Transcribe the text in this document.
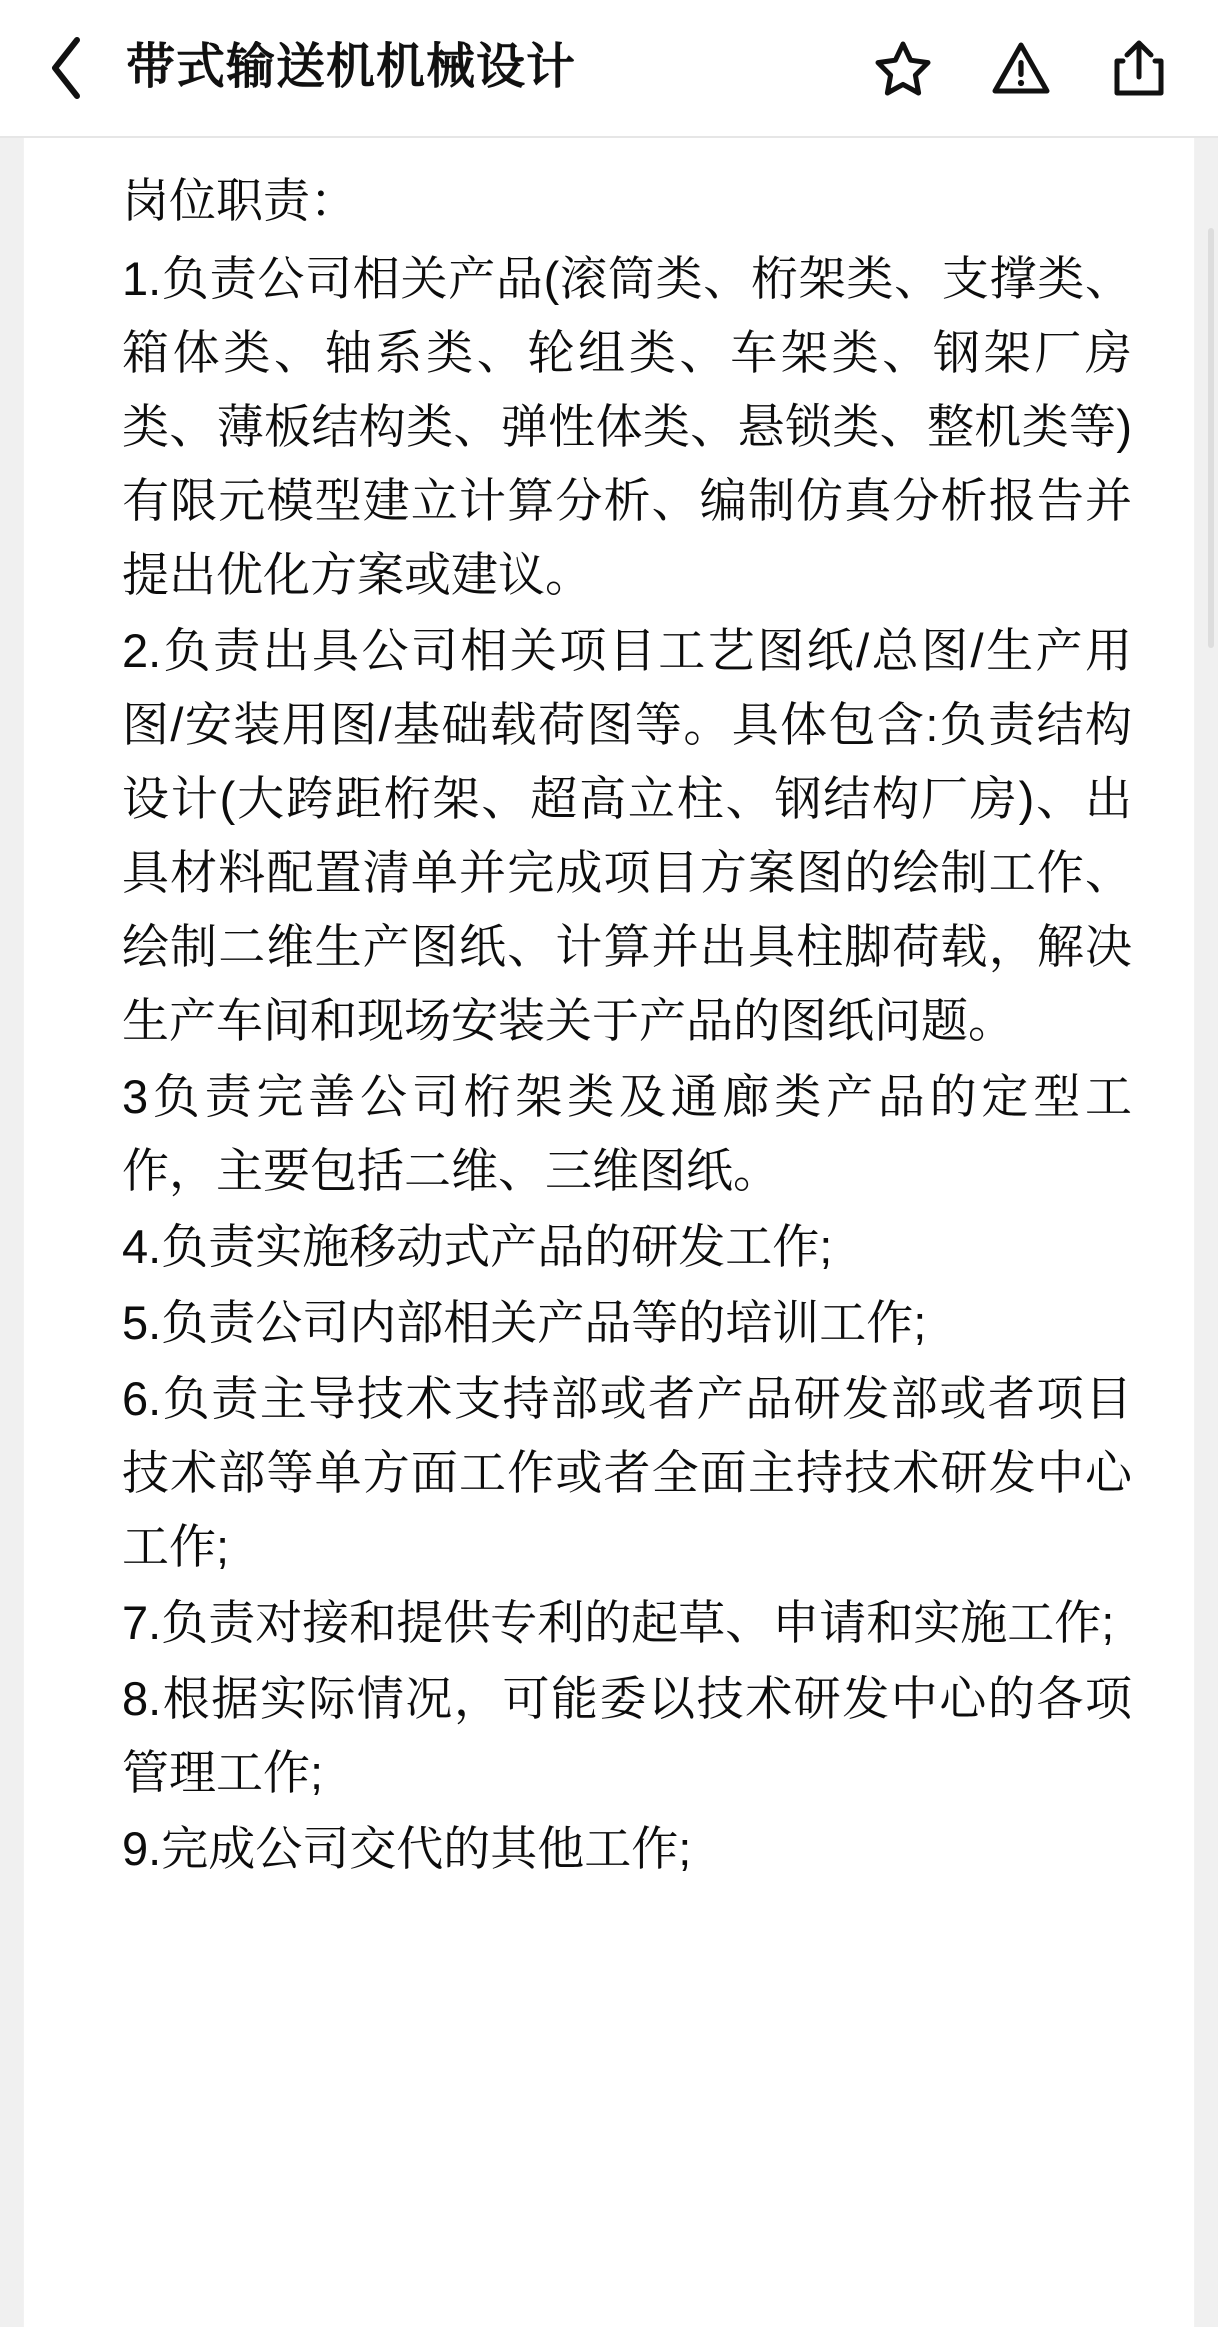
带式输送机机械设计

岗位职责：

1.负责公司相关产品(滚筒类、桁架类、支撑类、箱体类、轴系类、轮组类、车架类、钢架厂房类、薄板结构类、弹性体类、悬锁类、整机类等)有限元模型建立计算分析、编制仿真分析报告并提出优化方案或建议。

2.负责出具公司相关项目工艺图纸/总图/生产用图/安装用图/基础载荷图等。具体包含:负责结构设计(大跨距桁架、超高立柱、钢结构厂房)、出具材料配置清单并完成项目方案图的绘制工作、绘制二维生产图纸、计算并出具柱脚荷载，解决生产车间和现场安装关于产品的图纸问题。

3负责完善公司桁架类及通廊类产品的定型工作，主要包括二维、三维图纸。

4.负责实施移动式产品的研发工作;

5.负责公司内部相关产品等的培训工作;

6.负责主导技术支持部或者产品研发部或者项目技术部等单方面工作或者全面主持技术研发中心工作;

7.负责对接和提供专利的起草、申请和实施工作;

8.根据实际情况，可能委以技术研发中心的各项管理工作;

9.完成公司交代的其他工作;
